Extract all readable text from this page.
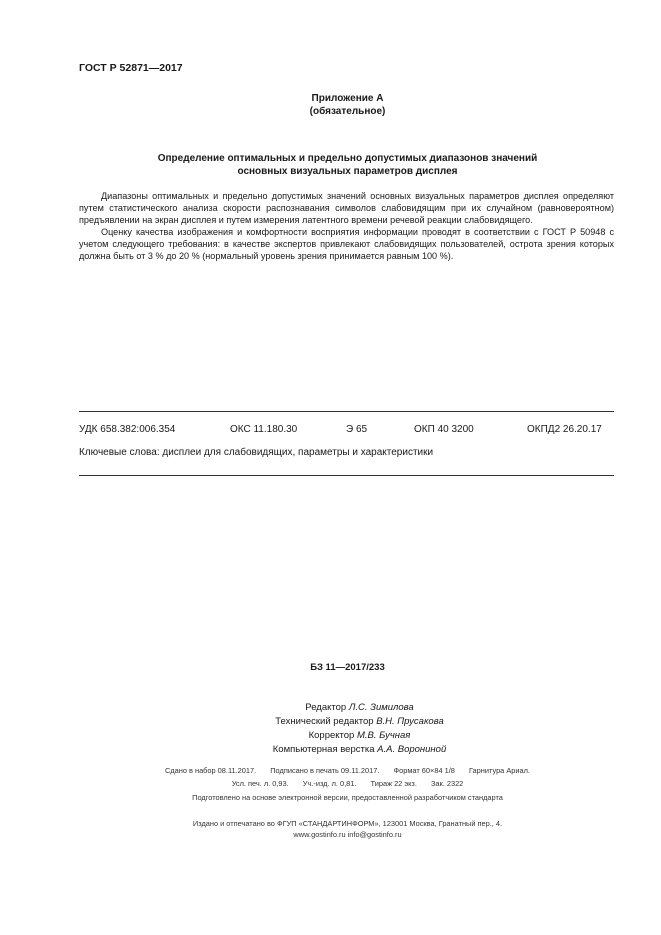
ГОСТ Р 52871—2017
Приложение А
(обязательное)
Определение оптимальных и предельно допустимых диапазонов значений
основных визуальных параметров дисплея

Диапазоны оптимальных и предельно допустимых значений основных визуальных параметров дисплея определяют путем статистического анализа скорости распознавания символов слабовидящим при их случайном (равновероятном) предъявлении на экран дисплея и путем измерения латентного времени речевой реакции слабовидящего.

Оценку качества изображения и комфортности восприятия информации проводят в соответствии с ГОСТ Р 50948 с учетом следующего требования: в качестве экспертов привлекают слабовидящих пользователей, острота зрения которых должна быть от 3 % до 20 % (нормальный уровень зрения принимается равным 100 %).

УДК 658.382:006.354	ОКС 11.180.30	Э 65	ОКП 40 3200	ОКПД2 26.20.17
Ключевые слова: дисплеи для слабовидящих, параметры и характеристики
БЗ 11—2017/233
Редактор Л.С. Зимилова
Технический редактор В.Н. Прусакова
Корректор М.В. Бучная
Компьютерная верстка А.А. Ворониной
Сдано в набор 08.11.2017. Подписано в печать 09.11.2017. Формат 60×84 1/8 Гарнитура Ариал.
Усл. печ. л. 0,93. Уч.-изд. л. 0,81. Тираж 22 экз. Зак. 2322
Подготовлено на основе электронной версии, предоставленной разработчиком стандарта
Издано и отпечатано во ФГУП «СТАНДАРТИНФОРМ», 123001 Москва, Гранатный пер., 4.
www.gostinfo.ru info@gostinfo.ru
